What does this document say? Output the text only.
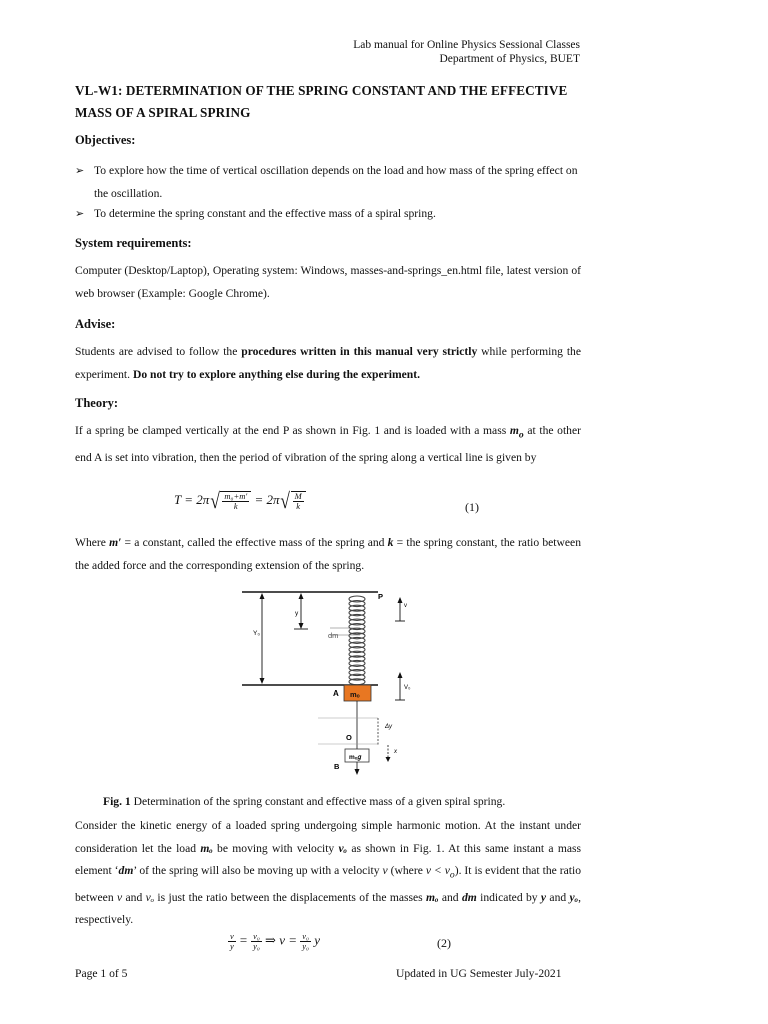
Lab manual for Online Physics Sessional Classes
Department of Physics, BUET
VL-W1: DETERMINATION OF THE SPRING CONSTANT AND THE EFFECTIVE MASS OF A SPIRAL SPRING
Objectives:
➢ To explore how the time of vertical oscillation depends on the load and how mass of the spring effect on the oscillation.
➢ To determine the spring constant and the effective mass of a spiral spring.
System requirements:
Computer (Desktop/Laptop), Operating system: Windows, masses-and-springs_en.html file, latest version of web browser (Example: Google Chrome).
Advise:
Students are advised to follow the procedures written in this manual very strictly while performing the experiment. Do not try to explore anything else during the experiment.
Theory:
If a spring be clamped vertically at the end P as shown in Fig. 1 and is loaded with a mass $m_o$ at the other end A is set into vibration, then the period of vibration of the spring along a vertical line is given by
$T = 2\pi√ \frac{\text{m₀+m′}}{k} = 2\pi√ \frac{M}{k}$	(1)
Where m′ = a constant, called the effective mass of the spring and k = the spring constant, the ratio between the added force and the corresponding extension of the spring.
Y₀
y
dm
P
v
A mₒ
V₀
O
Δy
mₒ𝑔
B
x
Fig. 1 Determination of the spring constant and effective mass of a given spiral spring.
Consider the kinetic energy of a loaded spring undergoing simple harmonic motion. At the instant under consideration let the load mₒ be moving with velocity vₒ as shown in Fig. 1. At this same instant a mass element ‘dm’ of the spring will also be moving up with a velocity v (where $v < v_o$). It is evident that the ratio between v and vₒ is just the ratio between the displacements of the masses mₒ and dm indicated by y and yₒ, respectively.
$\frac{v}{y} = \frac{\text{v₀}}{\text{y₀}}$ ⇒ $v = \frac{\text{v₀}}{\text{y₀}}$ y	(2)
Page 1 of 5	Updated in UG Semester July-2021
